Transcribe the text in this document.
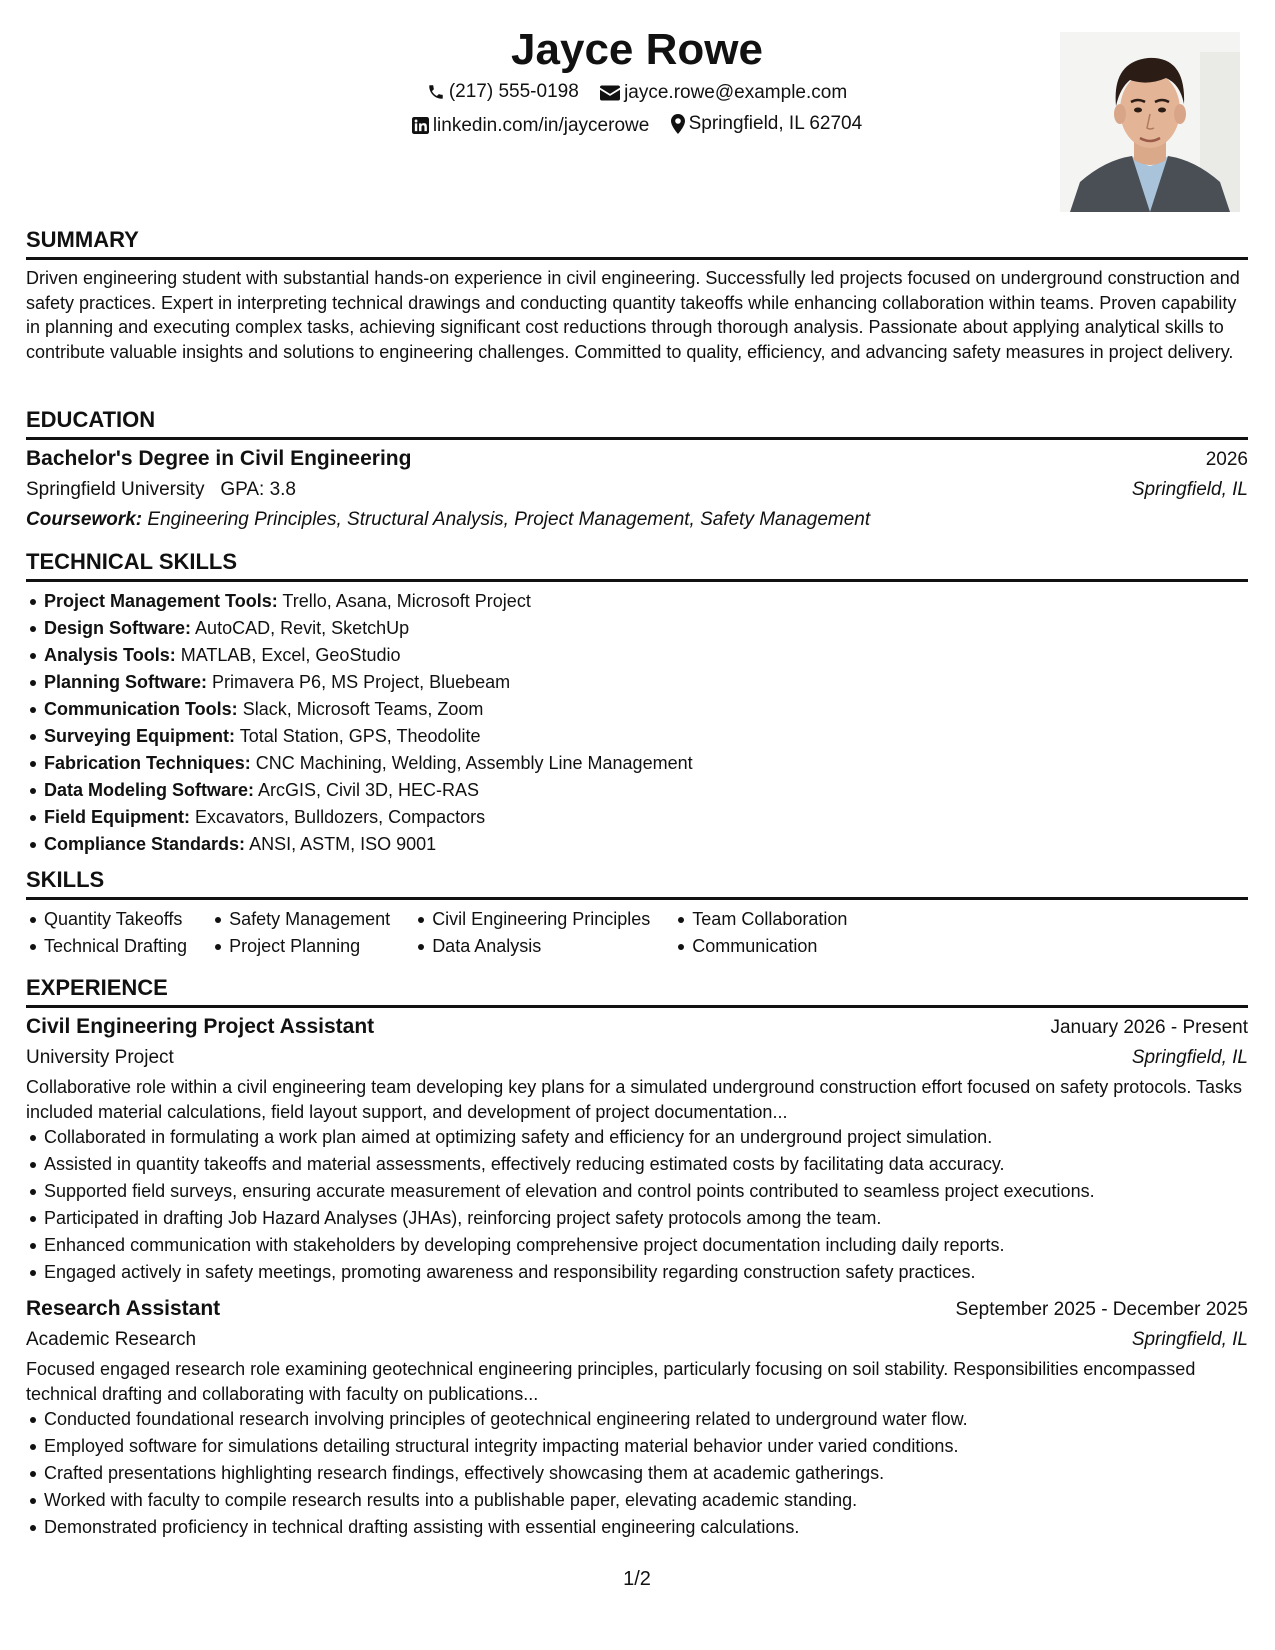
Jayce Rowe
(217) 555-0198
jayce.rowe@example.com
linkedin.com/in/jaycerowe
Springfield, IL 62704
SUMMARY
Driven engineering student with substantial hands-on experience in civil engineering. Successfully led projects focused on underground construction and safety practices. Expert in interpreting technical drawings and conducting quantity takeoffs while enhancing collaboration within teams. Proven capability in planning and executing complex tasks, achieving significant cost reductions through thorough analysis. Passionate about applying analytical skills to contribute valuable insights and solutions to engineering challenges. Committed to quality, efficiency, and advancing safety measures in project delivery.
EDUCATION
Bachelor's Degree in Civil Engineering	2026
Springfield University GPA: 3.8	Springfield, IL
Coursework: Engineering Principles, Structural Analysis, Project Management, Safety Management
TECHNICAL SKILLS
Project Management Tools: Trello, Asana, Microsoft Project
Design Software: AutoCAD, Revit, SketchUp
Analysis Tools: MATLAB, Excel, GeoStudio
Planning Software: Primavera P6, MS Project, Bluebeam
Communication Tools: Slack, Microsoft Teams, Zoom
Surveying Equipment: Total Station, GPS, Theodolite
Fabrication Techniques: CNC Machining, Welding, Assembly Line Management
Data Modeling Software: ArcGIS, Civil 3D, HEC-RAS
Field Equipment: Excavators, Bulldozers, Compactors
Compliance Standards: ANSI, ASTM, ISO 9001
SKILLS
Quantity Takeoffs
Technical Drafting
Safety Management
Project Planning
Civil Engineering Principles
Data Analysis
Team Collaboration
Communication
EXPERIENCE
Civil Engineering Project Assistant	January 2026 - Present
University Project	Springfield, IL
Collaborative role within a civil engineering team developing key plans for a simulated underground construction effort focused on safety protocols. Tasks included material calculations, field layout support, and development of project documentation...
Collaborated in formulating a work plan aimed at optimizing safety and efficiency for an underground project simulation.
Assisted in quantity takeoffs and material assessments, effectively reducing estimated costs by facilitating data accuracy.
Supported field surveys, ensuring accurate measurement of elevation and control points contributed to seamless project executions.
Participated in drafting Job Hazard Analyses (JHAs), reinforcing project safety protocols among the team.
Enhanced communication with stakeholders by developing comprehensive project documentation including daily reports.
Engaged actively in safety meetings, promoting awareness and responsibility regarding construction safety practices.
Research Assistant	September 2025 - December 2025
Academic Research	Springfield, IL
Focused engaged research role examining geotechnical engineering principles, particularly focusing on soil stability. Responsibilities encompassed technical drafting and collaborating with faculty on publications...
Conducted foundational research involving principles of geotechnical engineering related to underground water flow.
Employed software for simulations detailing structural integrity impacting material behavior under varied conditions.
Crafted presentations highlighting research findings, effectively showcasing them at academic gatherings.
Worked with faculty to compile research results into a publishable paper, elevating academic standing.
Demonstrated proficiency in technical drafting assisting with essential engineering calculations.
1/2
